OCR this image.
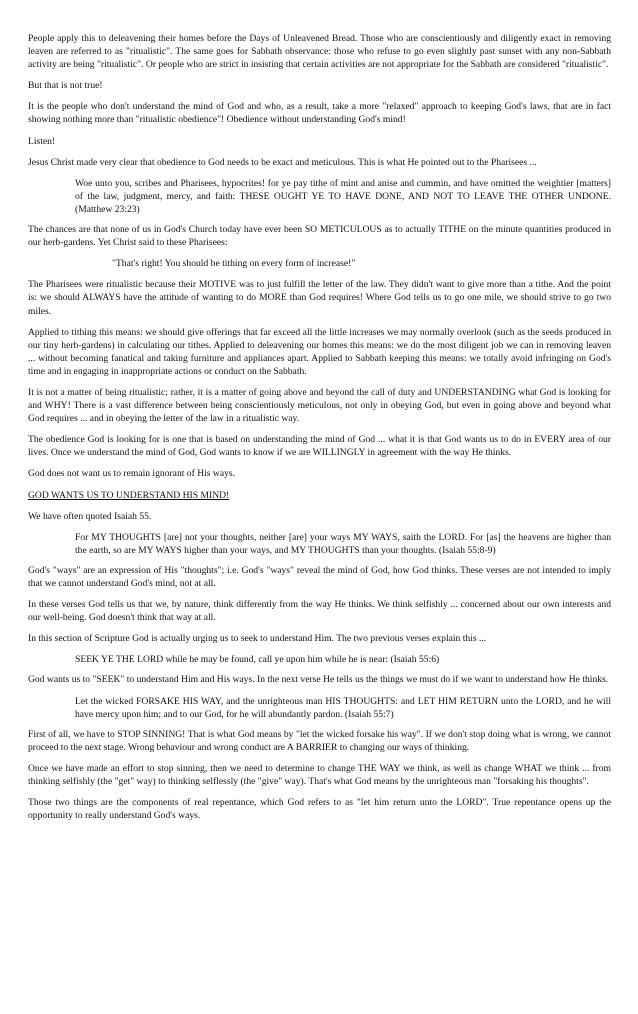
People apply this to deleavening their homes before the Days of Unleavened Bread. Those who are conscientiously and diligently exact in removing leaven are referred to as "ritualistic". The same goes for Sabbath observance: those who refuse to go even slightly past sunset with any non-Sabbath activity are being "ritualistic". Or people who are strict in insisting that certain activities are not appropriate for the Sabbath are considered "ritualistic".

But that is not true!

It is the people who don't understand the mind of God and who, as a result, take a more "relaxed" approach to keeping God's laws, that are in fact showing nothing more than "ritualistic obedience"! Obedience without understanding God's mind!

Listen!

Jesus Christ made very clear that obedience to God needs to be exact and meticulous. This is what He pointed out to the Pharisees ...

Woe unto you, scribes and Pharisees, hypocrites! for ye pay tithe of mint and anise and cummin, and have omitted the weightier [matters] of the law, judgment, mercy, and faith: THESE OUGHT YE TO HAVE DONE, AND NOT TO LEAVE THE OTHER UNDONE. (Matthew 23:23)

The chances are that none of us in God's Church today have ever been SO METICULOUS as to actually TITHE on the minute quantities produced in our herb-gardens. Yet Christ said to these Pharisees:

"That's right! You should be tithing on every form of increase!"

The Pharisees were ritualistic because their MOTIVE was to just fulfill the letter of the law. They didn't want to give more than a tithe. And the point is: we should ALWAYS have the attitude of wanting to do MORE than God requires! Where God tells us to go one mile, we should strive to go two miles.

Applied to tithing this means: we should give offerings that far exceed all the little increases we may normally overlook (such as the seeds produced in our tiny herb-gardens) in calculating our tithes. Applied to deleavening our homes this means: we do the most diligent job we can in removing leaven ... without becoming fanatical and taking furniture and appliances apart. Applied to Sabbath keeping this means: we totally avoid infringing on God's time and in engaging in inappropriate actions or conduct on the Sabbath.

It is not a matter of being ritualistic; rather, it is a matter of going above and beyond the call of duty and UNDERSTANDING what God is looking for and WHY! There is a vast difference between being conscientiously meticulous, not only in obeying God, but even in going above and beyond what God requires ... and in obeying the letter of the law in a ritualistic way.

The obedience God is looking for is one that is based on understanding the mind of God ... what it is that God wants us to do in EVERY area of our lives. Once we understand the mind of God, God wants to know if we are WILLINGLY in agreement with the way He thinks.

God does not want us to remain ignorant of His ways.

GOD WANTS US TO UNDERSTAND HIS MIND!

We have often quoted Isaiah 55.

For MY THOUGHTS [are] not your thoughts, neither [are] your ways MY WAYS, saith the LORD. For [as] the heavens are higher than the earth, so are MY WAYS higher than your ways, and MY THOUGHTS than your thoughts. (Isaiah 55:8-9)

God's "ways" are an expression of His "thoughts"; i.e. God's "ways" reveal the mind of God, how God thinks. These verses are not intended to imply that we cannot understand God's mind, not at all.

In these verses God tells us that we, by nature, think differently from the way He thinks. We think selfishly ... concerned about our own interests and our well-being. God doesn't think that way at all.

In this section of Scripture God is actually urging us to seek to understand Him. The two previous verses explain this ...

SEEK YE THE LORD while he may be found, call ye upon him while he is near: (Isaiah 55:6)

God wants us to "SEEK" to understand Him and His ways. In the next verse He tells us the things we must do if we want to understand how He thinks.

Let the wicked FORSAKE HIS WAY, and the unrighteous man HIS THOUGHTS: and LET HIM RETURN unto the LORD, and he will have mercy upon him; and to our God, for he will abundantly pardon. (Isaiah 55:7)

First of all, we have to STOP SINNING! That is what God means by "let the wicked forsake his way". If we don't stop doing what is wrong, we cannot proceed to the next stage. Wrong behaviour and wrong conduct are A BARRIER to changing our ways of thinking.

Once we have made an effort to stop sinning, then we need to determine to change THE WAY we think, as well as change WHAT we think ... from thinking selfishly (the "get" way) to thinking selflessly (the "give" way). That's what God means by the unrighteous man "forsaking his thoughts".

Those two things are the components of real repentance, which God refers to as "let him return unto the LORD". True repentance opens up the opportunity to really understand God's ways.
